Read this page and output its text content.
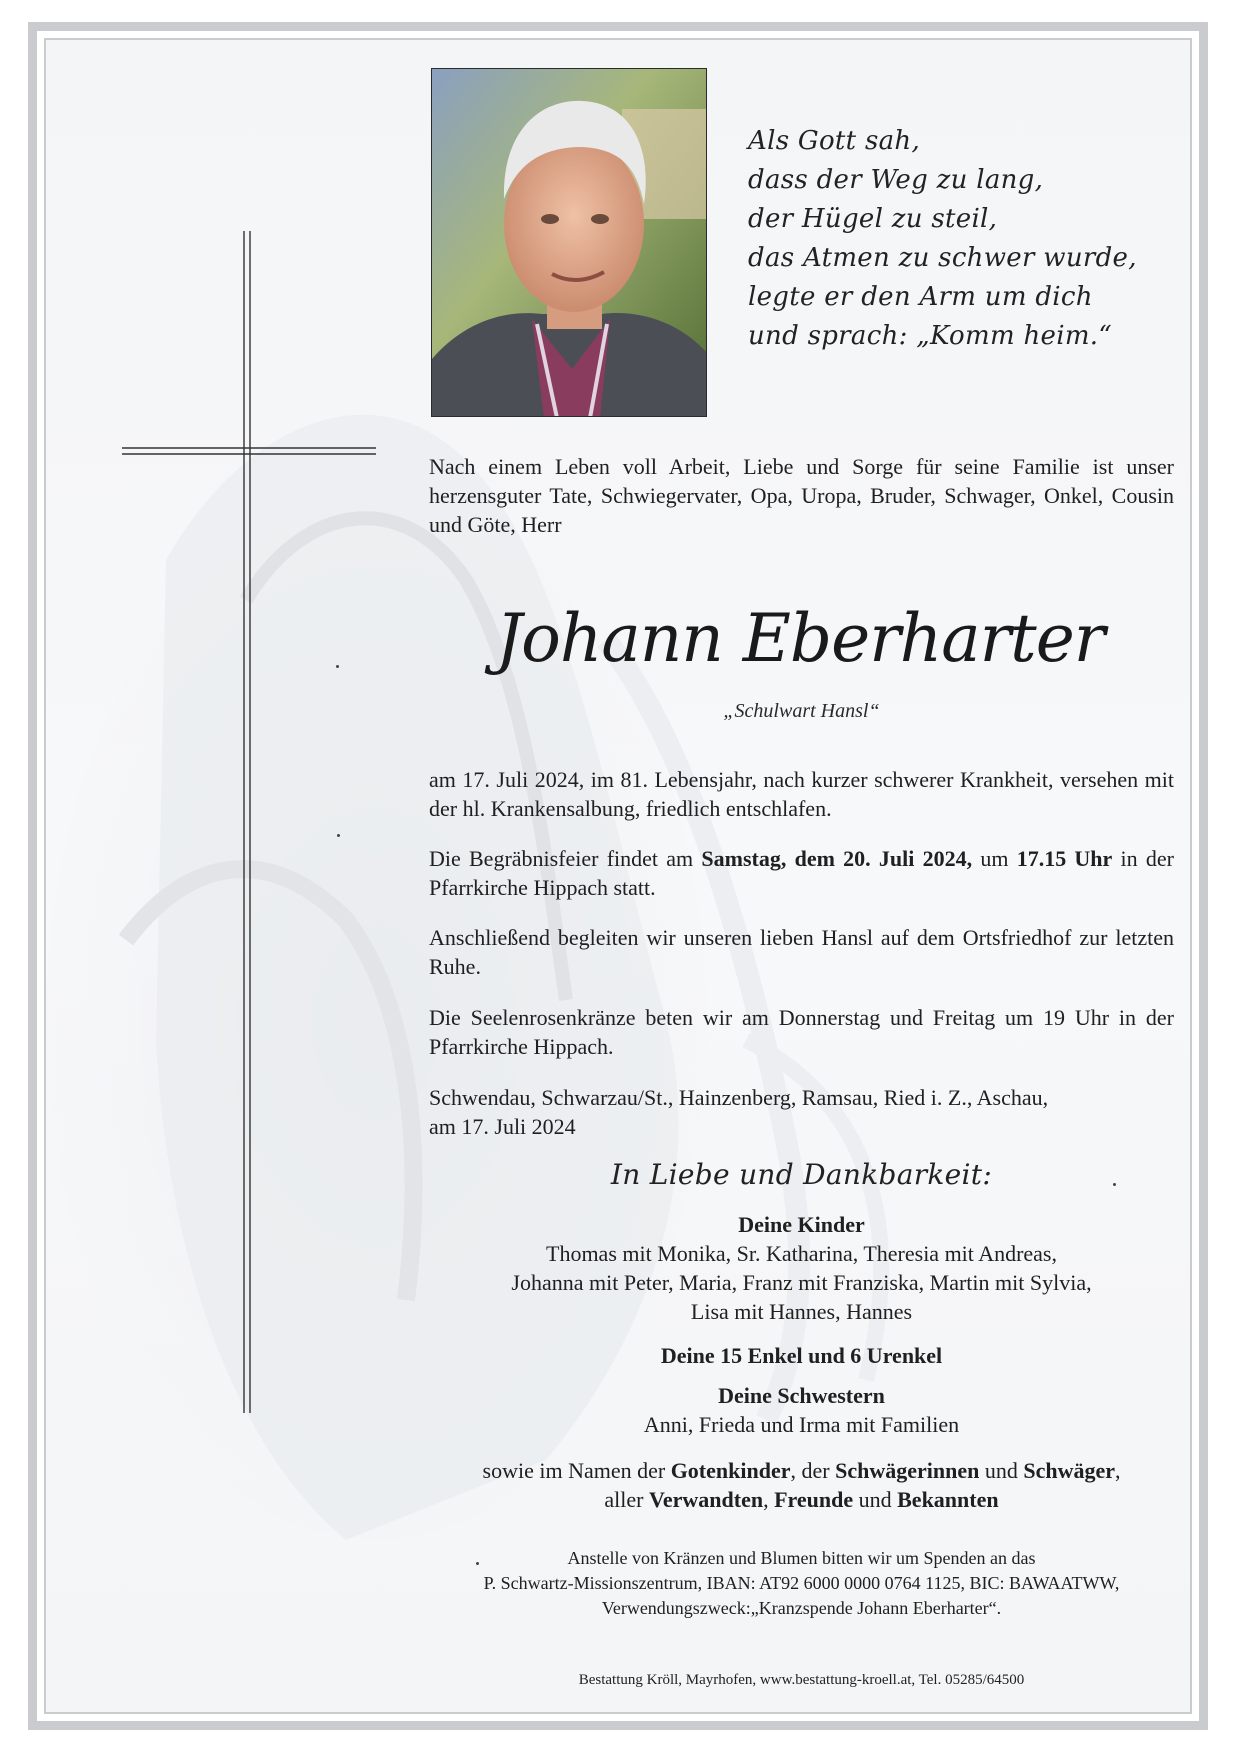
Als Gott sah,
dass der Weg zu lang,
der Hügel zu steil,
das Atmen zu schwer wurde,
legte er den Arm um dich
und sprach: „Komm heim.“
Nach einem Leben voll Arbeit, Liebe und Sorge für seine Familie ist unser herzensguter Tate, Schwiegervater, Opa, Uropa, Bruder, Schwager, Onkel, Cousin und Göte, Herr
Johann Eberharter
„Schulwart Hansl“
am 17. Juli 2024, im 81. Lebensjahr, nach kurzer schwerer Krankheit, versehen mit der hl. Krankensalbung, friedlich entschlafen.
Die Begräbnisfeier findet am Samstag, dem 20. Juli 2024, um 17.15 Uhr in der Pfarrkirche Hippach statt.
Anschließend begleiten wir unseren lieben Hansl auf dem Ortsfriedhof zur letzten Ruhe.
Die Seelenrosenkränze beten wir am Donnerstag und Freitag um 19 Uhr in der Pfarrkirche Hippach.
Schwendau, Schwarzau/St., Hainzenberg, Ramsau, Ried i. Z., Aschau,
am 17. Juli 2024
In Liebe und Dankbarkeit:
Deine Kinder
Thomas mit Monika, Sr. Katharina, Theresia mit Andreas,
Johanna mit Peter, Maria, Franz mit Franziska, Martin mit Sylvia,
Lisa mit Hannes, Hannes
Deine 15 Enkel und 6 Urenkel
Deine Schwestern
Anni, Frieda und Irma mit Familien
sowie im Namen der Gotenkinder, der Schwägerinnen und Schwäger,
aller Verwandten, Freunde und Bekannten
Anstelle von Kränzen und Blumen bitten wir um Spenden an das
P. Schwartz-Missionszentrum, IBAN: AT92 6000 0000 0764 1125, BIC: BAWAATWW,
Verwendungszweck:„Kranzspende Johann Eberharter“.
Bestattung Kröll, Mayrhofen, www.bestattung-kroell.at, Tel. 05285/64500
